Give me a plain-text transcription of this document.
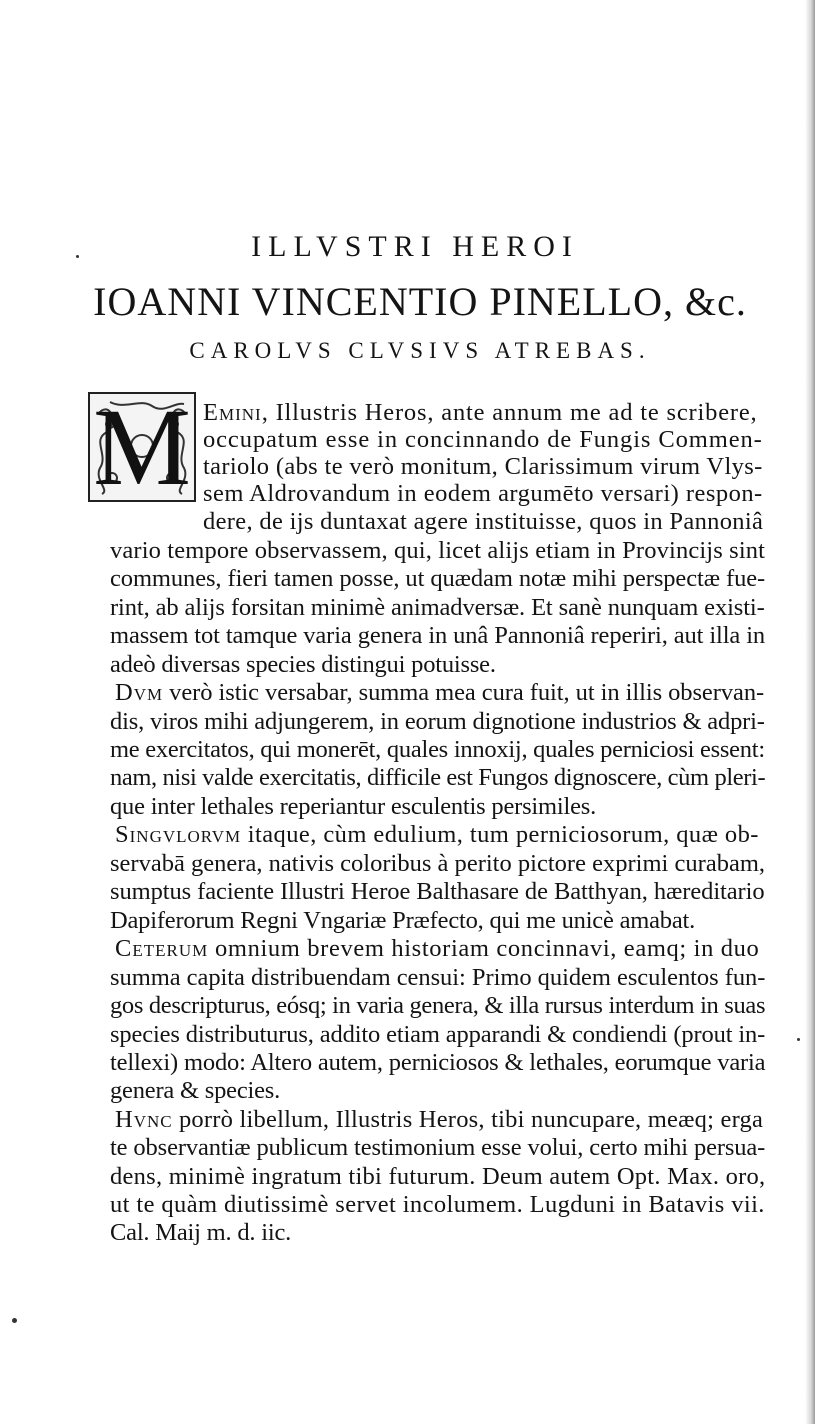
ILLVSTRI HEROI
IOANNI VINCENTIO PINELLO, &c.
CAROLVS CLVSIVS ATREBAS.
M Emini, Illustris Heros, ante annum me ad te scribere,
occupatum esse in concinnando de Fungis Commen-
tariolo (abs te verò monitum, Clarissimum virum Vlys-
sem Aldrovandum in eodem argumēto versari) respon-
dere, de ijs duntaxat agere instituisse, quos in Pannoniâ
vario tempore observassem, qui, licet alijs etiam in Provincijs sint
communes, fieri tamen posse, ut quædam notæ mihi perspectæ fue-
rint, ab alijs forsitan minimè animadversæ. Et sanè nunquam existi-
massem tot tamque varia genera in unâ Pannoniâ reperiri, aut illa in
adeò diversas species distingui potuisse.
Dvm verò istic versabar, summa mea cura fuit, ut in illis observan-
dis, viros mihi adjungerem, in eorum dignotione industrios & adpri-
me exercitatos, qui monerēt, quales innoxij, quales perniciosi essent:
nam, nisi valde exercitatis, difficile est Fungos dignoscere, cùm pleri-
que inter lethales reperiantur esculentis persimiles.
Singvlorvm itaque, cùm edulium, tum perniciosorum, quæ ob-
servabā genera, nativis coloribus à perito pictore exprimi curabam,
sumptus faciente Illustri Heroe Balthasare de Batthyan, hæreditario
Dapiferorum Regni Vngariæ Præfecto, qui me unicè amabat.
Ceterum omnium brevem historiam concinnavi, eamq; in duo
summa capita distribuendam censui: Primo quidem esculentos fun-
gos descripturus, eósq; in varia genera, & illa rursus interdum in suas
species distributurus, addito etiam apparandi & condiendi (prout in-
tellexi) modo: Altero autem, perniciosos & lethales, eorumque varia
genera & species.
Hvnc porrò libellum, Illustris Heros, tibi nuncupare, meæq; erga
te observantiæ publicum testimonium esse volui, certo mihi persua-
dens, minimè ingratum tibi futurum. Deum autem Opt. Max. oro,
ut te quàm diutissimè servet incolumem. Lugduni in Batavis vii.
Cal. Maij m. d. iic.
